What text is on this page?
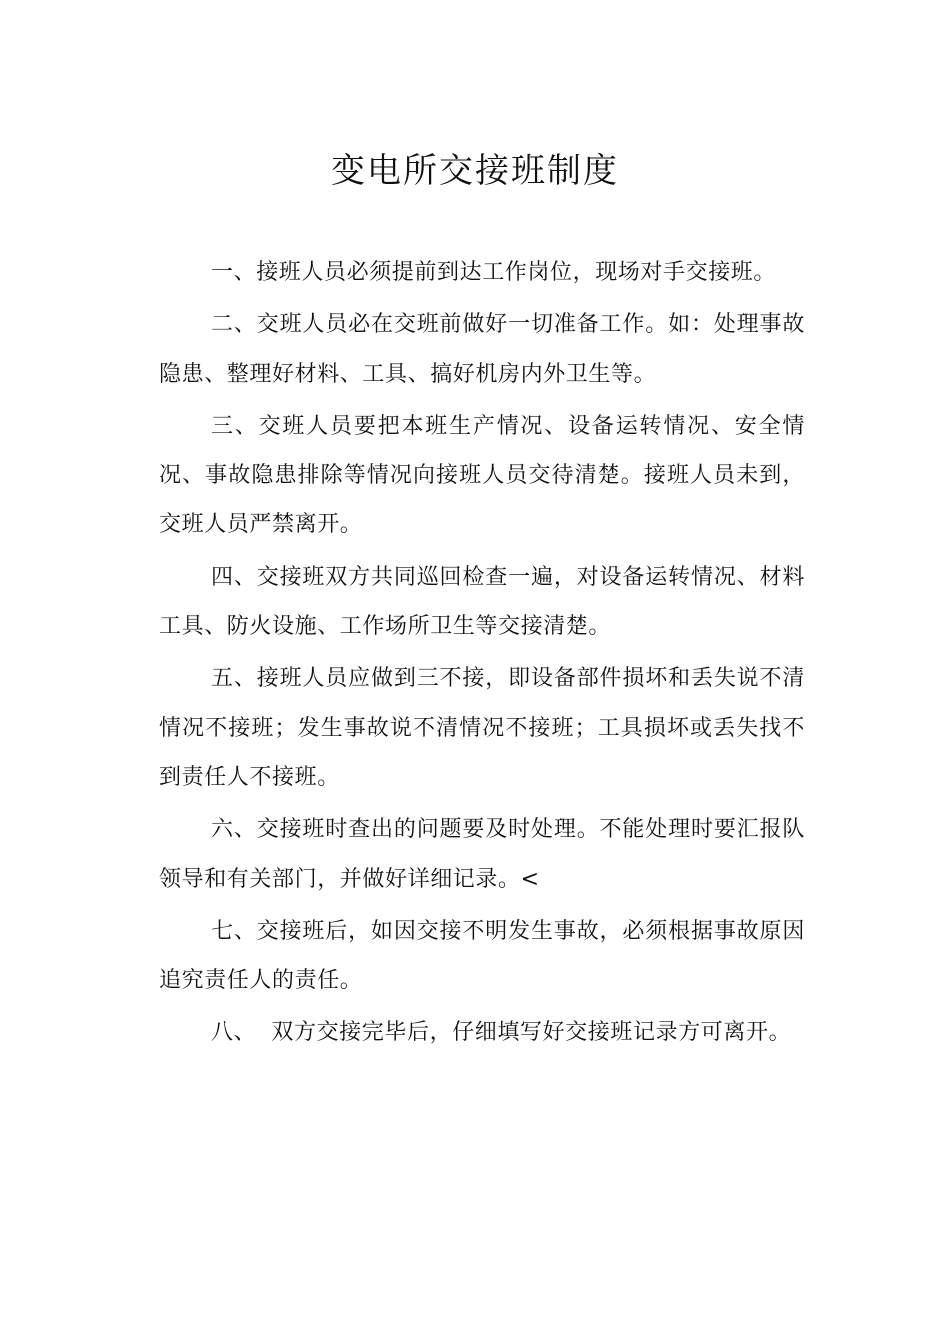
变电所交接班制度

一、接班人员必须提前到达工作岗位，现场对手交接班。

二、交班人员必在交班前做好一切准备工作。如：处理事故隐患、整理好材料、工具、搞好机房内外卫生等。

三、交班人员要把本班生产情况、设备运转情况、安全情况、事故隐患排除等情况向接班人员交待清楚。接班人员未到，交班人员严禁离开。

四、交接班双方共同巡回检查一遍，对设备运转情况、材料工具、防火设施、工作场所卫生等交接清楚。

五、接班人员应做到三不接，即设备部件损坏和丢失说不清情况不接班；发生事故说不清情况不接班；工具损坏或丢失找不到责任人不接班。

六、交接班时查出的问题要及时处理。不能处理时要汇报队领导和有关部门，并做好详细记录。<

七、交接班后，如因交接不明发生事故，必须根据事故原因追究责任人的责任。

八、  双方交接完毕后，仔细填写好交接班记录方可离开。
